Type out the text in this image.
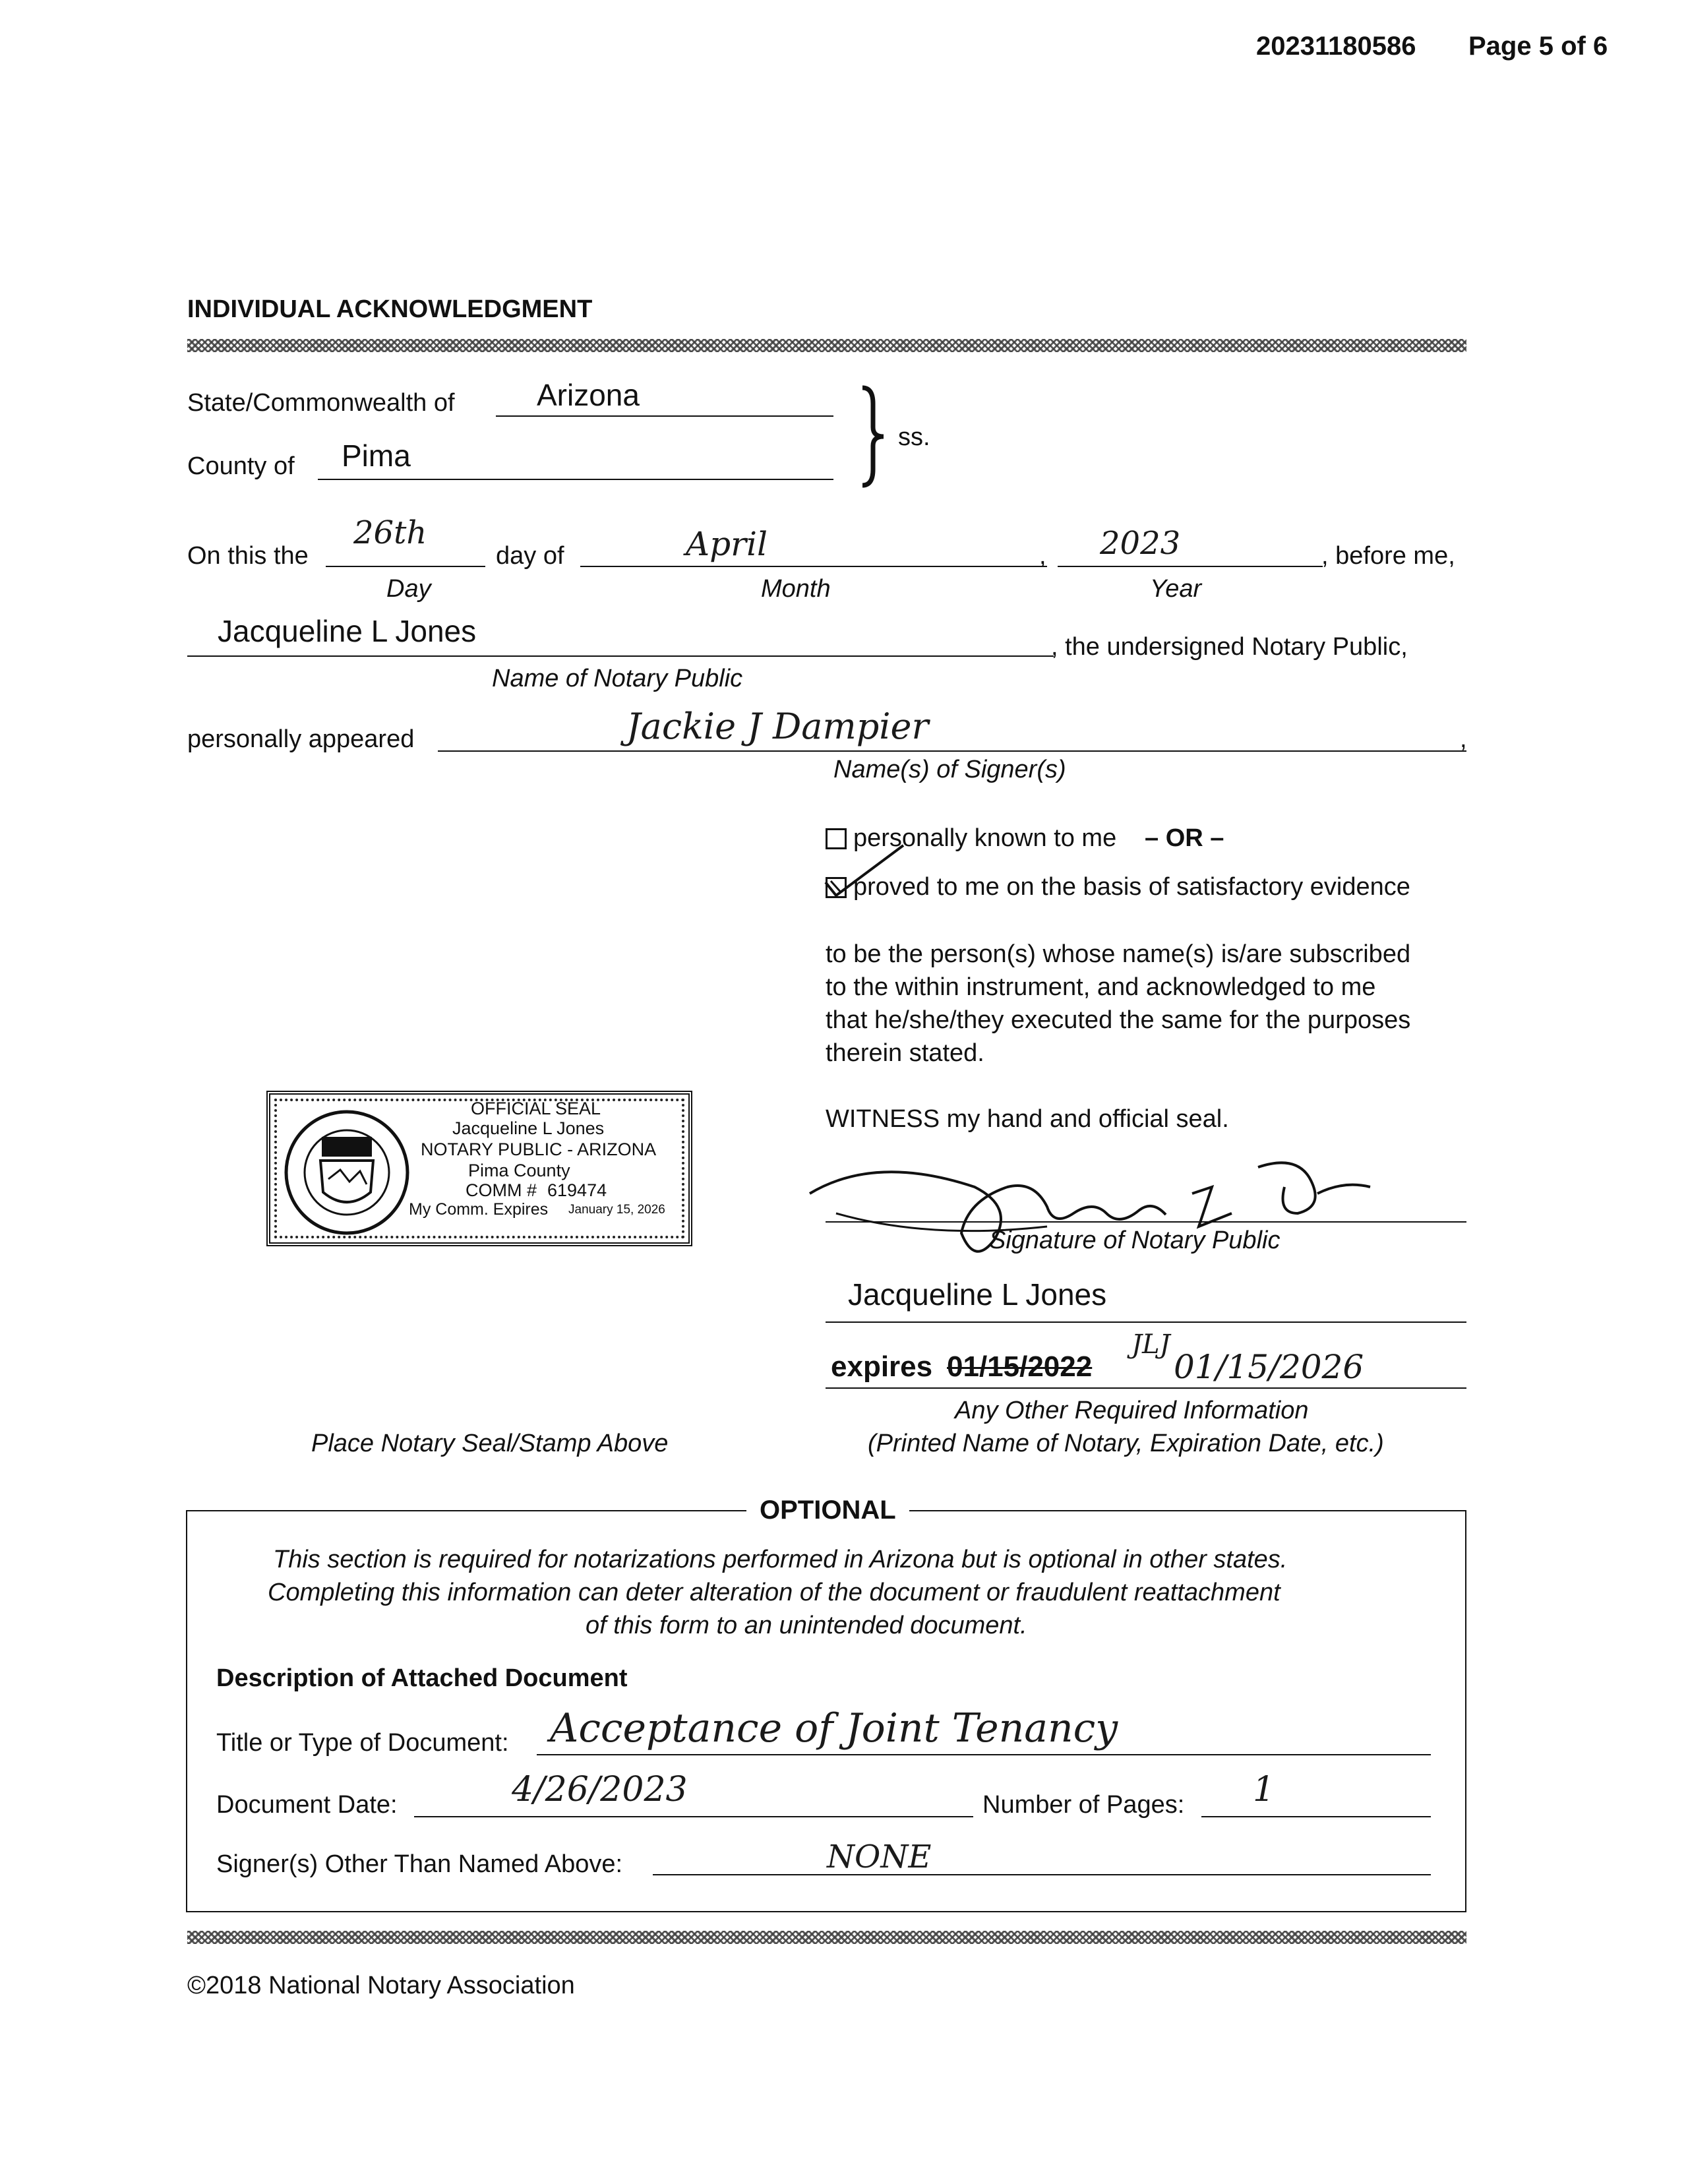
20231180586 Page 5 of 6
INDIVIDUAL ACKNOWLEDGMENT
State/Commonwealth of	Arizona
County of Pima
ss.
On this the
26th
day of	April	, 2023	, before me,
Day	Month	Year
Jacqueline L Jones	, the undersigned Notary Public,
Name of Notary Public
personally appeared	Jackie J Dampier	,
Name(s) of Signer(s)
personally known to me – OR –
proved to me on the basis of satisfactory evidence
to be the person(s) whose name(s) is/are subscribed
to the within instrument, and acknowledged to me
that he/she/they executed the same for the purposes
therein stated.
WITNESS my hand and official seal.
OFFICIAL SEAL
Jacqueline L Jones
NOTARY PUBLIC - ARIZONA
Pima County
COMM # 619474
My Comm. Expires January 15, 2026
Signature of Notary Public
Jacqueline L Jones
expires 01/15/2022
JLJ
01/15/2026
Any Other Required Information
(Printed Name of Notary, Expiration Date, etc.)
Place Notary Seal/Stamp Above
OPTIONAL
This section is required for notarizations performed in Arizona but is optional in other states.
Completing this information can deter alteration of the document or fraudulent reattachment
of this form to an unintended document.
Description of Attached Document
Title or Type of Document: Acceptance of Joint Tenancy
Document Date:	4/26/2023	Number of Pages: 1
Signer(s) Other Than Named Above:	NONE
©2018 National Notary Association
